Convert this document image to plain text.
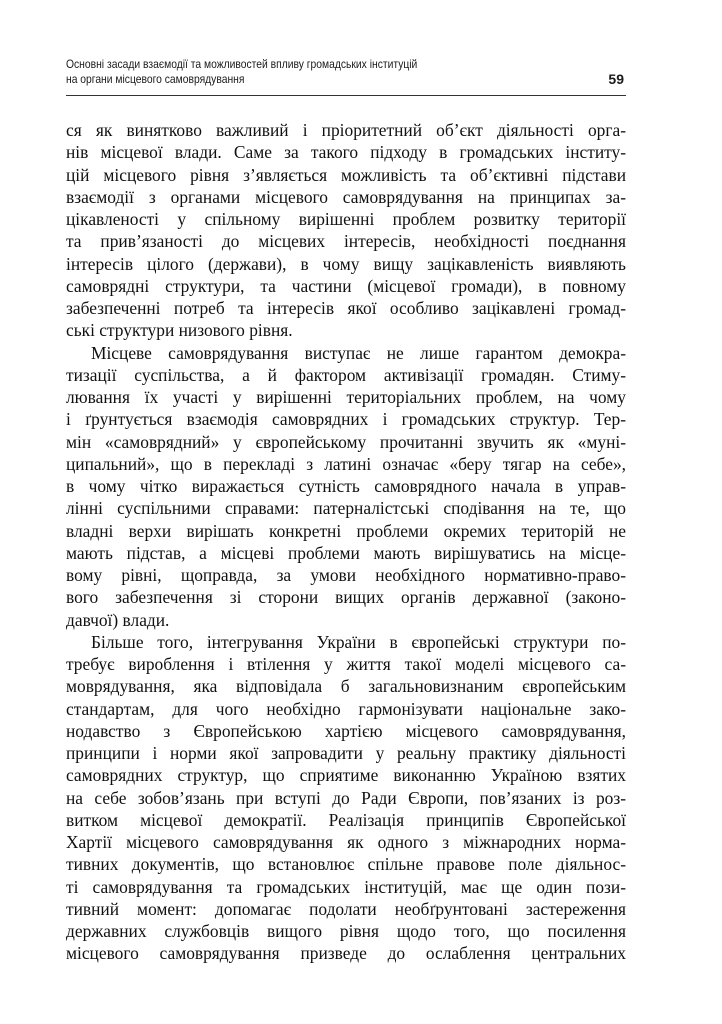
Основні засади взаємодії та можливостей впливу громадських інституцій
на органи місцевого самоврядування	59
ся як винятково важливий і пріоритетний об’єкт діяльності орга-
нів місцевої влади. Саме за такого підходу в громадських інститу-
цій місцевого рівня з’являється можливість та об’єктивні підстави
взаємодії з органами місцевого самоврядування на принципах за-
цікавленості у спільному вирішенні проблем розвитку території
та прив’язаності до місцевих інтересів, необхідності поєднання
інтересів цілого (держави), в чому вищу зацікавленість виявляють
самоврядні структури, та частини (місцевої громади), в повному
забезпеченні потреб та інтересів якої особливо зацікавлені громад-
ські структури низового рівня.
Місцеве самоврядування виступає не лише гарантом демокра-
тизації суспільства, а й фактором активізації громадян. Стиму-
лювання їх участі у вирішенні територіальних проблем, на чому
і ґрунтується взаємодія самоврядних і громадських структур. Тер-
мін «самоврядний» у європейському прочитанні звучить як «муні-
ципальний», що в перекладі з латині означає «беру тягар на себе»,
в чому чітко виражається сутність самоврядного начала в управ-
лінні суспільними справами: патерналістські сподівання на те, що
владні верхи вирішать конкретні проблеми окремих територій не
мають підстав, а місцеві проблеми мають вирішуватись на місце-
вому рівні, щоправда, за умови необхідного нормативно-право-
вого забезпечення зі сторони вищих органів державної (законо-
давчої) влади.
Більше того, інтегрування України в європейські структури по-
требує вироблення і втілення у життя такої моделі місцевого са-
моврядування, яка відповідала б загальновизнаним європейським
стандартам, для чого необхідно гармонізувати національне зако-
нодавство з Європейською хартією місцевого самоврядування,
принципи і норми якої запровадити у реальну практику діяльності
самоврядних структур, що сприятиме виконанню Україною взятих
на себе зобов’язань при вступі до Ради Європи, пов’язаних із роз-
витком місцевої демократії. Реалізація принципів Європейської
Хартії місцевого самоврядування як одного з міжнародних норма-
тивних документів, що встановлює спільне правове поле діяльнос-
ті самоврядування та громадських інституцій, має ще один пози-
тивний момент: допомагає подолати необґрунтовані застереження
державних службовців вищого рівня щодо того, що посилення
місцевого самоврядування призведе до ослаблення центральних
